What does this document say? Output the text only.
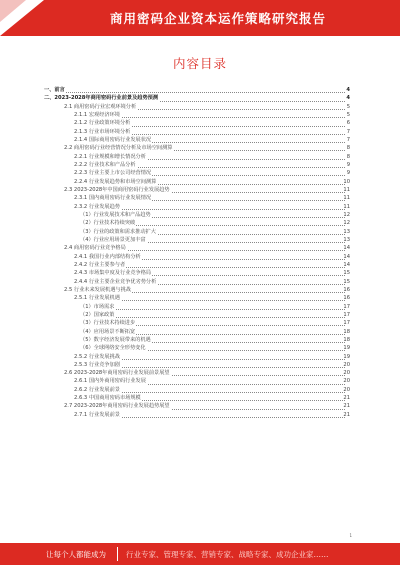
商用密码企业资本运作策略研究报告
内容目录
一、前言	4
二、2023-2028年商用密码行业前景及趋势预测	4
2.1 商用密码行业宏观环境分析	5
2.1.1 宏观经济环境	5
2.1.2 行业政策环境分析	6
2.1.3 行业市场环境分析	7
2.1.4 国际商用密码行业发展状况	7
2.2 商用密码行业经营情况分析及市场空间测算	8
2.2.1 行业规模和增长情况分析	8
2.2.2 行业技术和产品分析	9
2.2.3 行业主要上市公司经营情况	9
2.2.4 行业发展趋势和市场空间测算	10
2.3 2023-2028年中国商用密码行业发展趋势	11
2.3.1 国内商用密码行业发展情况	11
2.3.2 行业发展趋势	11
（1）行业发展技术和产品趋势	12
（2）行业技术持续突破	12
（3）行业的政策和需求推动扩大	13
（4）行业应用场景更加丰富	13
2.4 商用密码行业竞争格局	14
2.4.1 我国行业内部结构分析	14
2.4.2 行业主要参与者	14
2.4.3 市场集中度及行业竞争格局	15
2.4.4 行业主要企业竞争优劣势分析	15
2.5 行业未来发展机遇与挑战	16
2.5.1 行业发展机遇	16
（1）市场需求	17
（2）国家政策	17
（3）行业技术持续进步	17
（4）应用场景不断拓宽	18
（5）数字经济发展带来的机遇	18
（6）全球网络安全形势变化	19
2.5.2 行业发展挑战	19
2.5.3 行业竞争加剧	20
2.6 2023-2028年商用密码行业发展前景展望	20
2.6.1 国内外商用密码行业发展	20
2.6.2 行业发展前景	20
2.6.3 中国商用密码市场规模	21
2.7 2023-2028年商用密码行业发展趋势展望	21
2.7.1 行业发展前景	21
1
让每个人都能成为	行业专家、管理专家、营销专家、战略专家、成功企业家……
